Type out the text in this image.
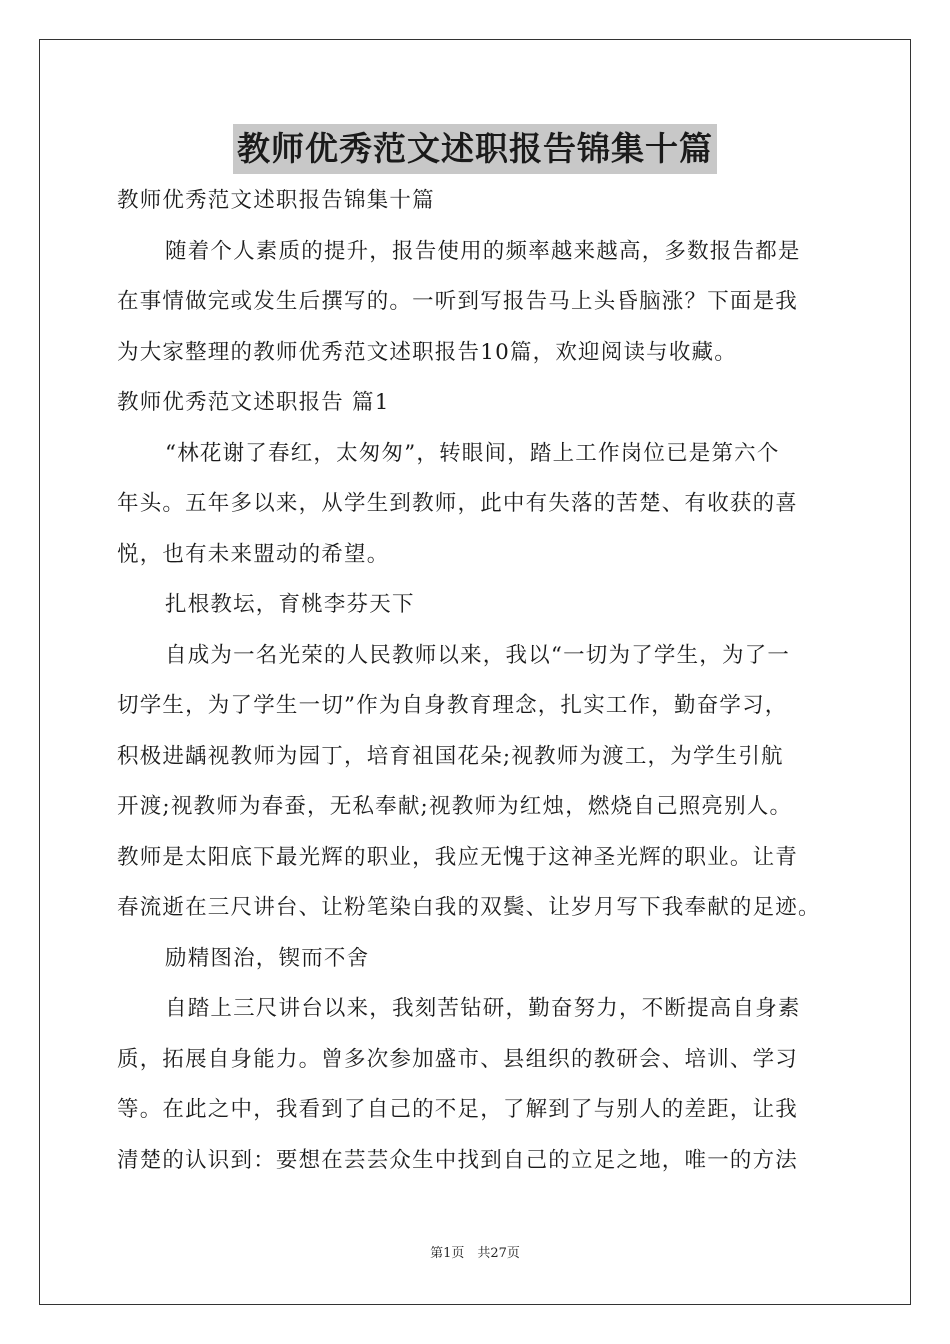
教师优秀范文述职报告锦集十篇
教师优秀范文述职报告锦集十篇
随着个人素质的提升，报告使用的频率越来越高，多数报告都是
在事情做完或发生后撰写的。一听到写报告马上头昏脑涨？下面是我
为大家整理的教师优秀范文述职报告10篇，欢迎阅读与收藏。
教师优秀范文述职报告 篇1
“林花谢了春红，太匆匆”，转眼间，踏上工作岗位已是第六个
年头。五年多以来，从学生到教师，此中有失落的苦楚、有收获的喜
悦，也有未来盟动的希望。
扎根教坛，育桃李芬天下
自成为一名光荣的人民教师以来，我以“一切为了学生，为了一
切学生，为了学生一切”作为自身教育理念，扎实工作，勤奋学习，
积极进龋视教师为园丁，培育祖国花朵;视教师为渡工，为学生引航
开渡;视教师为春蚕，无私奉献;视教师为红烛，燃烧自己照亮别人。
教师是太阳底下最光辉的职业，我应无愧于这神圣光辉的职业。让青
春流逝在三尺讲台、让粉笔染白我的双鬓、让岁月写下我奉献的足迹。
励精图治，锲而不舍
自踏上三尺讲台以来，我刻苦钻研，勤奋努力，不断提高自身素
质，拓展自身能力。曾多次参加盛市、县组织的教研会、培训、学习
等。在此之中，我看到了自己的不足，了解到了与别人的差距，让我
清楚的认识到：要想在芸芸众生中找到自己的立足之地，唯一的方法
第1页　共27页
